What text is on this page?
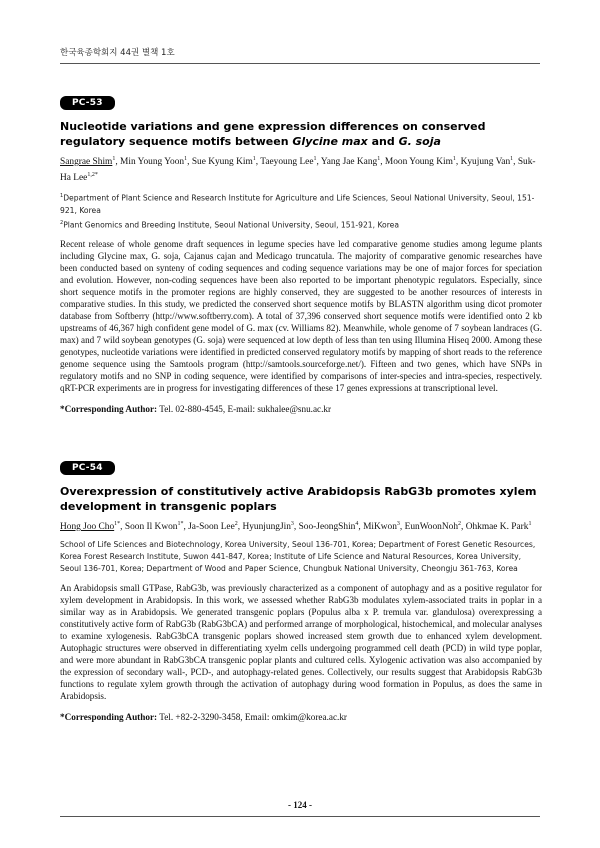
한국육종학회지 44권 별책 1호
PC-53
Nucleotide variations and gene expression differences on conserved regulatory sequence motifs between Glycine max and G. soja
Sangrae Shim$^1$, Min Young Yoon$^1$, Sue Kyung Kim$^1$, Taeyoung Lee$^1$, Yang Jae Kang$^1$, Moon Young Kim$^1$, Kyujung Van$^1$, Suk-Ha Lee$^{1,2*}$
$^1$Department of Plant Science and Research Institute for Agriculture and Life Sciences, Seoul National University, Seoul, 151-921, Korea
$^2$Plant Genomics and Breeding Institute, Seoul National University, Seoul, 151-921, Korea
Recent release of whole genome draft sequences in legume species have led comparative genome studies among legume plants including Glycine max, G. soja, Cajanus cajan and Medicago truncatula. The majority of comparative genomic researches have been conducted based on synteny of coding sequences and coding sequence variations may be one of major forces for speciation and evolution. However, non-coding sequences have been also reported to be important phenotypic regulators. Especially, since short sequence motifs in the promoter regions are highly conserved, they are suggested to be another resources of interests in comparative studies. In this study, we predicted the conserved short sequence motifs by BLASTN algorithm using dicot promoter database from Softberry (http://www.softberry.com). A total of 37,396 conserved short sequence motifs were identified onto 2 kb upstreams of 46,367 high confident gene model of G. max (cv. Williams 82). Meanwhile, whole genome of 7 soybean landraces (G. max) and 7 wild soybean genotypes (G. soja) were sequenced at low depth of less than ten using Illumina Hiseq 2000. Among these genotypes, nucleotide variations were identified in predicted conserved regulatory motifs by mapping of short reads to the reference genome sequence using the Samtools program (http://samtools.sourceforge.net/). Fifteen and two genes, which have SNPs in regulatory motifs and no SNP in coding sequence, were identified by comparisons of inter-species and intra-species, respectively. qRT-PCR experiments are in progress for investigating differences of these 17 genes expressions at transcriptional level.
*Corresponding Author: Tel. 02-880-4545, E-mail: sukhalee@snu.ac.kr
PC-54
Overexpression of constitutively active Arabidopsis RabG3b promotes xylem development in transgenic poplars
Hong Joo Cho$^{1*}$, Soon Il Kwon$^{1*}$, Ja-Soon Lee$^2$, HyunjungJin$^3$, Soo-JeongShin$^4$, MiKwon$^3$, EunWoonNoh$^2$, Ohkmae K. Park$^1$
School of Life Sciences and Biotechnology, Korea University, Seoul 136-701, Korea; Department of Forest Genetic Resources, Korea Forest Research Institute, Suwon 441-847, Korea; Institute of Life Science and Natural Resources, Korea University, Seoul 136-701, Korea; Department of Wood and Paper Science, Chungbuk National University, Cheongju 361-763, Korea
An Arabidopsis small GTPase, RabG3b, was previously characterized as a component of autophagy and as a positive regulator for xylem development in Arabidopsis. In this work, we assessed whether RabG3b modulates xylem-associated traits in poplar in a similar way as in Arabidopsis. We generated transgenic poplars (Populus alba x P. tremula var. glandulosa) overexpressing a constitutively active form of RabG3b (RabG3bCA) and performed arrange of morphological, histochemical, and molecular analyses to examine xylogenesis. RabG3bCA transgenic poplars showed increased stem growth due to enhanced xylem development. Autophagic structures were observed in differentiating xyelm cells undergoing programmed cell death (PCD) in wild type poplar, and were more abundant in RabG3bCA transgenic poplar plants and cultured cells. Xylogenic activation was also accompanied by the expression of secondary wall-, PCD-, and autophagy-related genes. Collectively, our results suggest that Arabidopsis RabG3b functions to regulate xylem growth through the activation of autophagy during wood formation in Populus, as does the same in Arabidopsis.
*Corresponding Author: Tel. +82-2-3290-3458, Email: omkim@korea.ac.kr
- 124 -
